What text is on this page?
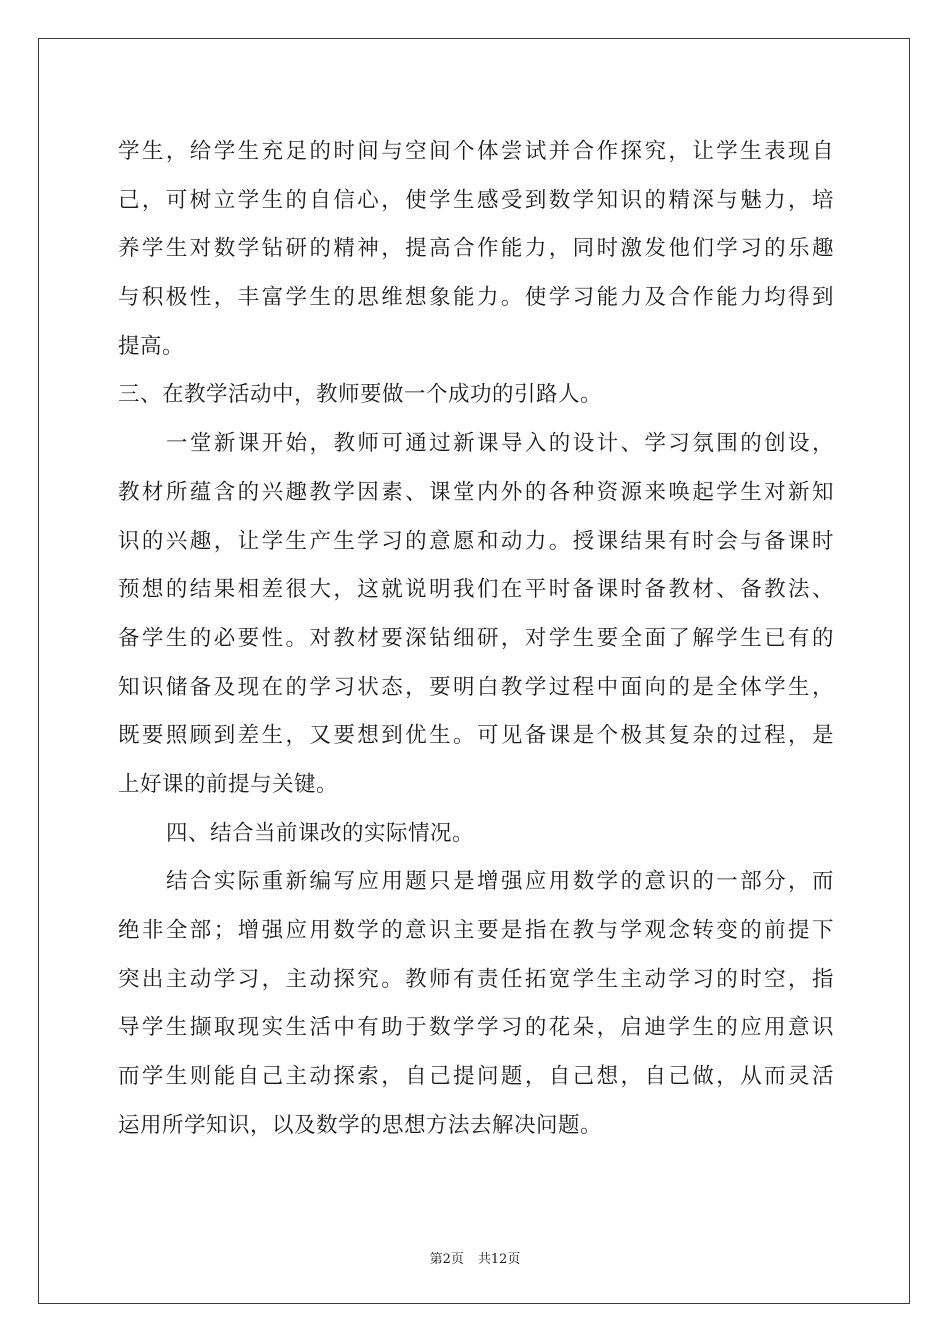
学生，给学生充足的时间与空间个体尝试并合作探究，让学生表现自
己，可树立学生的自信心，使学生感受到数学知识的精深与魅力，培
养学生对数学钻研的精神，提高合作能力，同时激发他们学习的乐趣
与积极性，丰富学生的思维想象能力。使学习能力及合作能力均得到
提高。
三、在教学活动中，教师要做一个成功的引路人。
一堂新课开始，教师可通过新课导入的设计、学习氛围的创设，
教材所蕴含的兴趣教学因素、课堂内外的各种资源来唤起学生对新知
识的兴趣，让学生产生学习的意愿和动力。授课结果有时会与备课时
预想的结果相差很大，这就说明我们在平时备课时备教材、备教法、
备学生的必要性。对教材要深钻细研，对学生要全面了解学生已有的
知识储备及现在的学习状态，要明白教学过程中面向的是全体学生，
既要照顾到差生，又要想到优生。可见备课是个极其复杂的过程，是
上好课的前提与关键。
四、结合当前课改的实际情况。
结合实际重新编写应用题只是增强应用数学的意识的一部分，而
绝非全部；增强应用数学的意识主要是指在教与学观念转变的前提下
突出主动学习，主动探究。教师有责任拓宽学生主动学习的时空，指
导学生撷取现实生活中有助于数学学习的花朵，启迪学生的应用意识
而学生则能自己主动探索，自己提问题，自己想，自己做，从而灵活
运用所学知识，以及数学的思想方法去解决问题。
第2页 共12页
